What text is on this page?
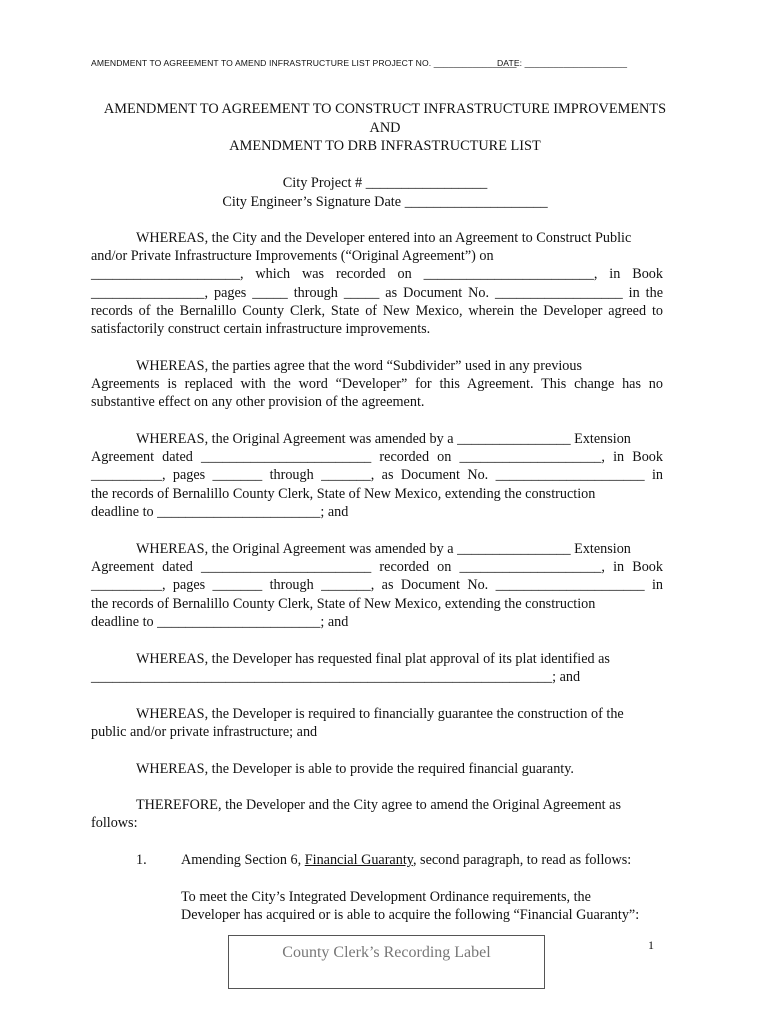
AMENDMENT TO AGREEMENT TO AMEND INFRASTRUCTURE LIST PROJECT NO. _________________
DATE: _____________________
AMENDMENT TO AGREEMENT TO CONSTRUCT INFRASTRUCTURE IMPROVEMENTS
AND
AMENDMENT TO DRB INFRASTRUCTURE LIST
City Project # _________________
City Engineer’s Signature Date ____________________
WHEREAS, the City and the Developer entered into an Agreement to Construct Public
and/or Private Infrastructure Improvements (“Original Agreement”) on
_____________________, which was recorded on ________________________, in Book
________________, pages _____ through _____ as Document No. __________________ in the
records of the Bernalillo County Clerk, State of New Mexico, wherein the Developer agreed to
satisfactorily construct certain infrastructure improvements.
WHEREAS, the parties agree that the word “Subdivider” used in any previous
Agreements is replaced with the word “Developer” for this Agreement. This change has no
substantive effect on any other provision of the agreement.
WHEREAS, the Original Agreement was amended by a ________________ Extension
Agreement dated ________________________ recorded on ____________________, in Book
__________, pages _______ through _______, as Document No. _____________________ in
the records of Bernalillo County Clerk, State of New Mexico, extending the construction
deadline to _______________________; and
WHEREAS, the Original Agreement was amended by a ________________ Extension
Agreement dated ________________________ recorded on ____________________, in Book
__________, pages _______ through _______, as Document No. _____________________ in
the records of Bernalillo County Clerk, State of New Mexico, extending the construction
deadline to _______________________; and
WHEREAS, the Developer has requested final plat approval of its plat identified as
_________________________________________________________________; and
WHEREAS, the Developer is required to financially guarantee the construction of the
public and/or private infrastructure; and
WHEREAS, the Developer is able to provide the required financial guaranty.
THEREFORE, the Developer and the City agree to amend the Original Agreement as
follows:
1. Amending Section 6, Financial Guaranty, second paragraph, to read as follows:
To meet the City’s Integrated Development Ordinance requirements, the
Developer has acquired or is able to acquire the following “Financial Guaranty”:
1
County Clerk’s Recording Label
